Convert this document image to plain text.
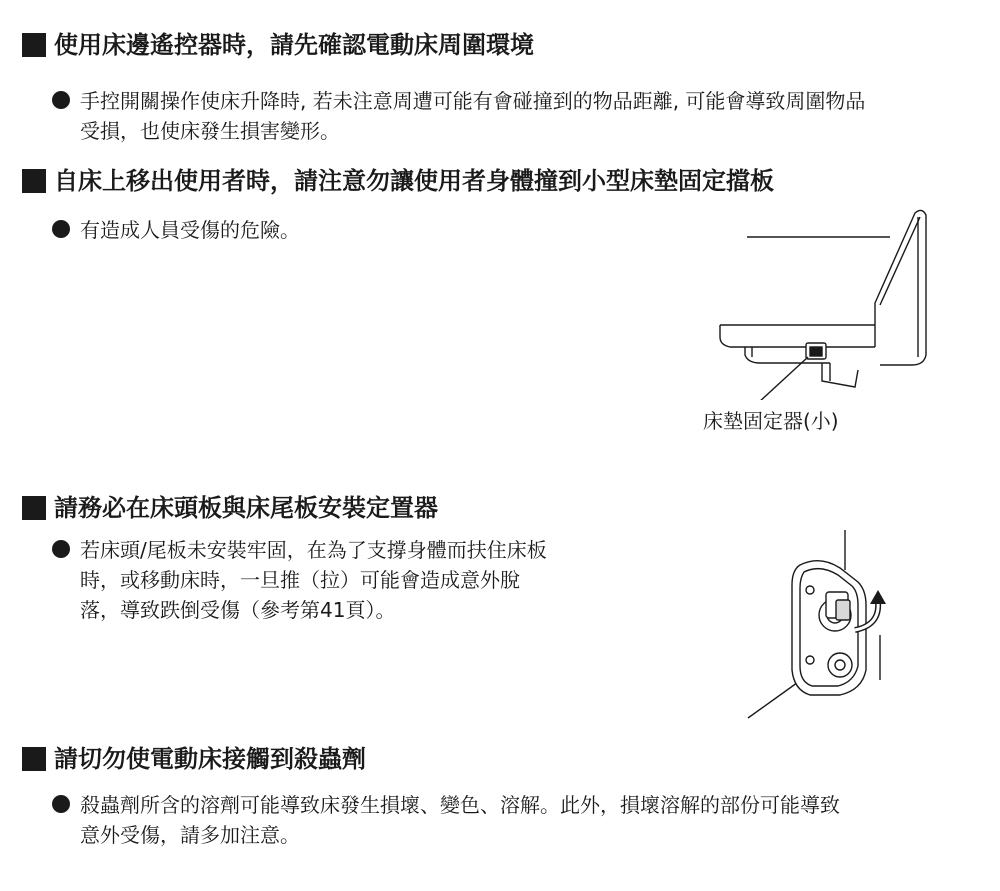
使用床邊遙控器時，請先確認電動床周圍環境
手控開關操作使床升降時, 若未注意周遭可能有會碰撞到的物品距離, 可能會導致周圍物品
受損，也使床發生損害變形。
自床上移出使用者時，請注意勿讓使用者身體撞到小型床墊固定擋板
有造成人員受傷的危險。
床墊固定器(小)
請務必在床頭板與床尾板安裝定置器
若床頭/尾板未安裝牢固，在為了支撐身體而扶住床板
時，或移動床時，一旦推（拉）可能會造成意外脫
落，導致跌倒受傷（參考第41頁）。
請切勿使電動床接觸到殺蟲劑
殺蟲劑所含的溶劑可能導致床發生損壞、變色、溶解。此外，損壞溶解的部份可能導致
意外受傷，請多加注意。
